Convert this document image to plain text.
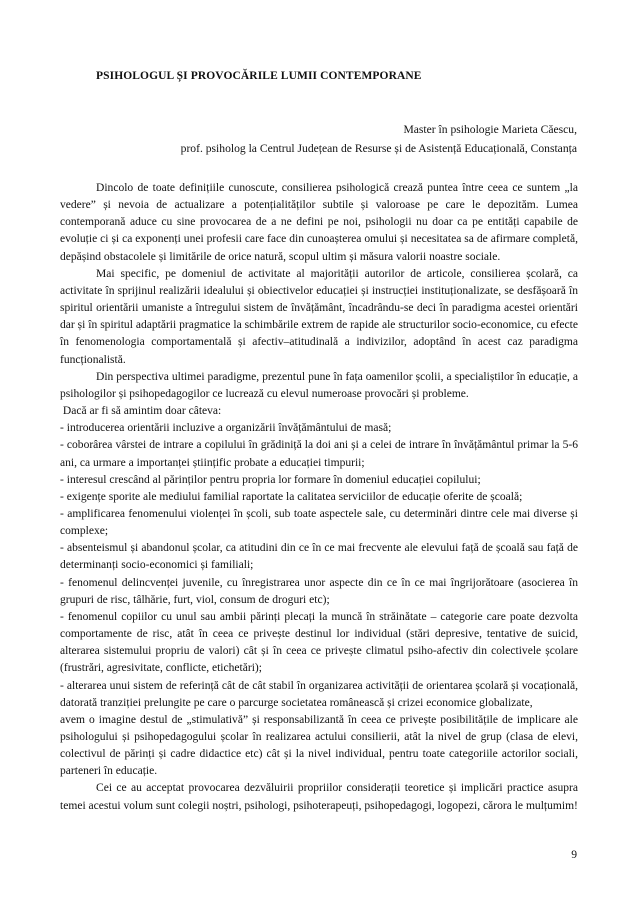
PSIHOLOGUL ȘI PROVOCĂRILE LUMII CONTEMPORANE

Master în psihologie Marieta Căescu,

prof. psiholog la Centrul Județean de Resurse și de Asistență Educațională, Constanța

Dincolo de toate definițiile cunoscute, consilierea psihologică crează puntea între ceea ce suntem „la vedere” și nevoia de actualizare a potențialităților subtile și valoroase pe care le depozităm. Lumea contemporană aduce cu sine provocarea de a ne defini pe noi, psihologii nu doar ca pe entități capabile de evoluție ci și ca exponenți unei profesii care face din cunoașterea omului și necesitatea sa de afirmare completă, depășind obstacolele și limitările de orice natură, scopul ultim și măsura valorii noastre sociale.

Mai specific, pe domeniul de activitate al majorității autorilor de articole, consilierea școlară, ca activitate în sprijinul realizării idealului și obiectivelor educației și instrucției instituționalizate, se desfășoară în spiritul orientării umaniste a întregului sistem de învățământ, încadrându-se deci în paradigma acestei orientări dar și în spiritul adaptării pragmatice la schimbările extrem de rapide ale structurilor socio-economice, cu efecte în fenomenologia comportamentală și afectiv–atitudinală a indivizilor, adoptând în acest caz paradigma funcționalistă.

Din perspectiva ultimei paradigme, prezentul pune în fața oamenilor școlii, a specialiștilor în educație, a psihologilor și psihopedagogilor ce lucrează cu elevul numeroase provocări și probleme.

Dacă ar fi să amintim doar câteva:

- introducerea orientării incluzive a organizării învățământului de masă;

- coborârea vârstei de intrare a copilului în grădiniță la doi ani și a celei de intrare în învățământul primar la 5-6 ani, ca urmare a importanței științific probate a educației timpurii;

- interesul crescând al părinților pentru propria lor formare în domeniul educației copilului;

- exigențe sporite ale mediului familial raportate la calitatea serviciilor de educație oferite de școală;

- amplificarea fenomenului violenței în școli, sub toate aspectele sale, cu determinări dintre cele mai diverse și complexe;

- absenteismul și abandonul școlar, ca atitudini din ce în ce mai frecvente ale elevului față de școală sau față de determinanți socio-economici și familiali;

- fenomenul delincvenței juvenile, cu înregistrarea unor aspecte din ce în ce mai îngrijorătoare (asocierea în grupuri de risc, tâlhărie, furt, viol, consum de droguri etc);

- fenomenul copiilor cu unul sau ambii părinți plecați la muncă în străinătate – categorie care poate dezvolta comportamente de risc, atât în ceea ce privește destinul lor individual (stări depresive, tentative de suicid, alterarea sistemului propriu de valori) cât și în ceea ce privește climatul psiho-afectiv din colectivele școlare (frustrări, agresivitate, conflicte, etichetări);

- alterarea unui sistem de referință cât de cât stabil în organizarea activității de orientarea școlară și vocațională, datorată tranziției prelungite pe care o parcurge societatea românească și crizei economice globalizate,

avem o imagine destul de „stimulativă” și responsabilizantă în ceea ce privește posibilitățile de implicare ale psihologului și psihopedagogului școlar în realizarea actului consilierii, atât la nivel de grup (clasa de elevi, colectivul de părinți și cadre didactice etc) cât și la nivel individual, pentru toate categoriile actorilor sociali, parteneri în educație.

Cei ce au acceptat provocarea dezvăluirii propriilor considerații teoretice și implicări practice asupra temei acestui volum sunt colegii noștri, psihologi, psihoterapeuți, psihopedagogi, logopezi, cărora le mulțumim!

9
